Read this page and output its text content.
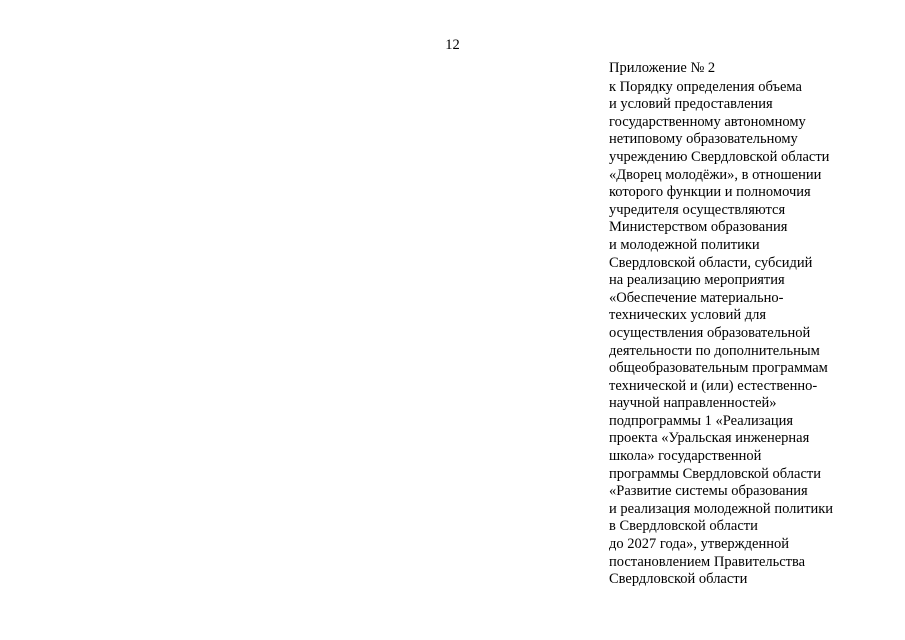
12
Приложение № 2
к Порядку определения объема
и условий предоставления
государственному автономному
нетиповому образовательному
учреждению Свердловской области
«Дворец молодёжи», в отношении
которого функции и полномочия
учредителя осуществляются
Министерством образования
и молодежной политики
Свердловской области, субсидий
на реализацию мероприятия
«Обеспечение материально-
технических условий для
осуществления образовательной
деятельности по дополнительным
общеобразовательным программам
технической и (или) естественно-
научной направленностей»
подпрограммы 1 «Реализация
проекта «Уральская инженерная
школа» государственной
программы Свердловской области
«Развитие системы образования
и реализация молодежной политики
в Свердловской области
до 2027 года», утвержденной
постановлением Правительства
Свердловской области
